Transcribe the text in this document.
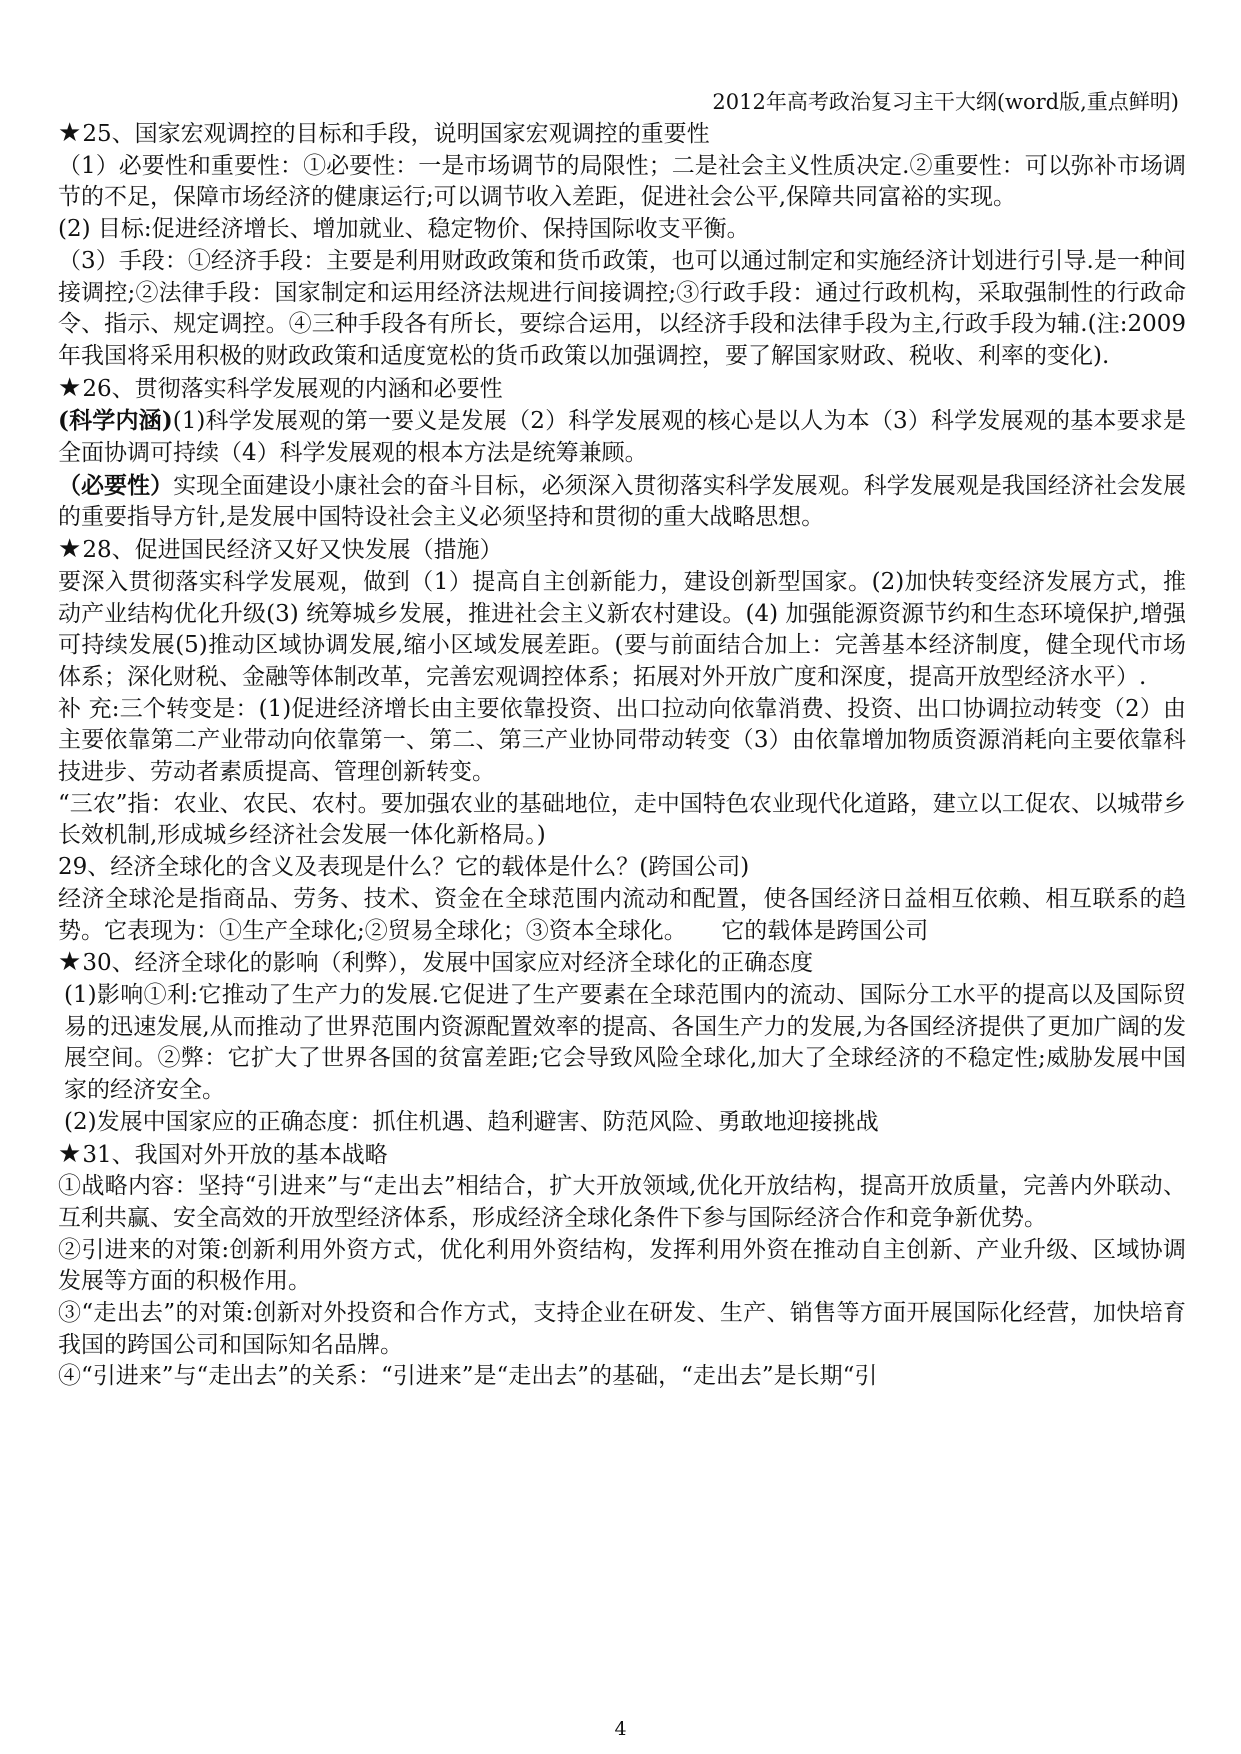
2012年高考政治复习主干大纲(word版,重点鲜明)

★25、国家宏观调控的目标和手段，说明国家宏观调控的重要性

（1）必要性和重要性：①必要性：一是市场调节的局限性；二是社会主义性质决定.②重要性：可以弥补市场调节的不足，保障市场经济的健康运行;可以调节收入差距，促进社会公平,保障共同富裕的实现。

(2) 目标:促进经济增长、增加就业、稳定物价、保持国际收支平衡。

（3）手段：①经济手段：主要是利用财政政策和货币政策，也可以通过制定和实施经济计划进行引导.是一种间接调控;②法律手段：国家制定和运用经济法规进行间接调控;③行政手段：通过行政机构，采取强制性的行政命令、指示、规定调控。④三种手段各有所长，要综合运用，以经济手段和法律手段为主,行政手段为辅.(注:2009年我国将采用积极的财政政策和适度宽松的货币政策以加强调控，要了解国家财政、税收、利率的变化).

★26、贯彻落实科学发展观的内涵和必要性

(科学内涵)(1)科学发展观的第一要义是发展（2）科学发展观的核心是以人为本（3）科学发展观的基本要求是全面协调可持续（4）科学发展观的根本方法是统筹兼顾。

（必要性）实现全面建设小康社会的奋斗目标，必须深入贯彻落实科学发展观。科学发展观是我国经济社会发展的重要指导方针,是发展中国特设社会主义必须坚持和贯彻的重大战略思想。

★28、促进国民经济又好又快发展（措施）

要深入贯彻落实科学发展观，做到（1）提高自主创新能力，建设创新型国家。(2)加快转变经济发展方式，推动产业结构优化升级(3) 统筹城乡发展，推进社会主义新农村建设。(4) 加强能源资源节约和生态环境保护,增强可持续发展(5)推动区域协调发展,缩小区域发展差距。(要与前面结合加上：完善基本经济制度，健全现代市场体系；深化财税、金融等体制改革，完善宏观调控体系；拓展对外开放广度和深度，提高开放型经济水平）.

补 充:三个转变是：(1)促进经济增长由主要依靠投资、出口拉动向依靠消费、投资、出口协调拉动转变（2）由主要依靠第二产业带动向依靠第一、第二、第三产业协同带动转变（3）由依靠增加物质资源消耗向主要依靠科技进步、劳动者素质提高、管理创新转变。

“三农”指：农业、农民、农村。要加强农业的基础地位，走中国特色农业现代化道路，建立以工促农、以城带乡长效机制,形成城乡经济社会发展一体化新格局。)

29、经济全球化的含义及表现是什么？它的载体是什么？(跨国公司)

经济全球沦是指商品、劳务、技术、资金在全球范围内流动和配置，使各国经济日益相互依赖、相互联系的趋势。它表现为：①生产全球化;②贸易全球化；③资本全球化。　　它的载体是跨国公司

★30、经济全球化的影响（利弊），发展中国家应对经济全球化的正确态度

(1)影响①利:它推动了生产力的发展.它促进了生产要素在全球范围内的流动、国际分工水平的提高以及国际贸易的迅速发展,从而推动了世界范围内资源配置效率的提高、各国生产力的发展,为各国经济提供了更加广阔的发展空间。②弊：它扩大了世界各国的贫富差距;它会导致风险全球化,加大了全球经济的不稳定性;威胁发展中国家的经济安全。

(2)发展中国家应的正确态度：抓住机遇、趋利避害、防范风险、勇敢地迎接挑战

★31、我国对外开放的基本战略

①战略内容：坚持“引进来”与“走出去”相结合，扩大开放领域,优化开放结构，提高开放质量，完善内外联动、互利共赢、安全高效的开放型经济体系，形成经济全球化条件下参与国际经济合作和竞争新优势。

②引进来的对策:创新利用外资方式，优化利用外资结构，发挥利用外资在推动自主创新、产业升级、区域协调发展等方面的积极作用。

③“走出去”的对策:创新对外投资和合作方式，支持企业在研发、生产、销售等方面开展国际化经营，加快培育我国的跨国公司和国际知名品牌。

④“引进来”与“走出去”的关系：“引进来”是“走出去”的基础，“走出去”是长期“引

4
